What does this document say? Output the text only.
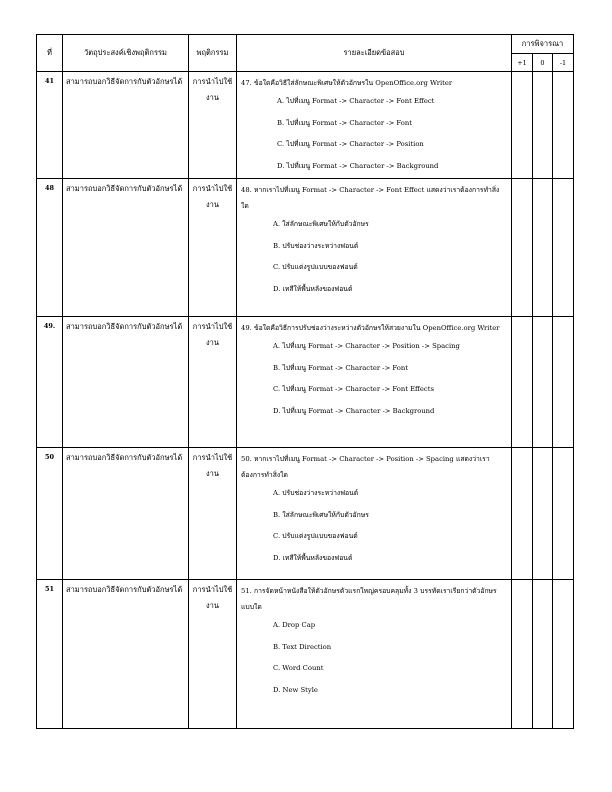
ที่	วัตถุประสงค์เชิงพฤติกรรม	พฤติกรรม	รายละเอียดข้อสอบ	การพิจารณา		
				+1	0	-1
41	สามารถบอกวิธีจัดการกับตัวอักษรได้	การนำไปใช้งาน	47. ข้อใดคือวิธีใส่ลักษณะพิเศษให้ตัวอักษรใน OpenOffice.org Writer
A. ไปที่เมนู Format -> Character -> Font Effect
B. ไปที่เมนู Format -> Character -> Font
C. ไปที่เมนู Format -> Character -> Position
D. ไปที่เมนู Format -> Character -> Background			

48	สามารถบอกวิธีจัดการกับตัวอักษรได้	การนำไปใช้งาน	48. หากเราไปที่เมนู Format -> Character -> Font Effect แสดงว่าเราต้องการทำสิ่งใด
A. ใส่ลักษณะพิเศษให้กับตัวอักษร
B. ปรับช่องว่างระหว่างฟอนต์
C. ปรับแต่งรูปแบบของฟอนต์
D. เทสีให้พื้นหลังของฟอนต์			

49.	สามารถบอกวิธีจัดการกับตัวอักษรได้	การนำไปใช้งาน	49. ข้อใดคือวิธีการปรับช่องว่างระหว่างตัวอักษรให้สวยงามใน OpenOffice.org Writer
A. ไปที่เมนู Format -> Character -> Position -> Spacing
B. ไปที่เมนู Format -> Character -> Font
C. ไปที่เมนู Format -> Character -> Font Effects
D. ไปที่เมนู Format -> Character -> Background			

50	สามารถบอกวิธีจัดการกับตัวอักษรได้	การนำไปใช้งาน	50. หากเราไปที่เมนู Format -> Character -> Position -> Spacing แสดงว่าเราต้องการทำสิ่งใด
A. ปรับช่องว่างระหว่างฟอนต์
B. ใส่ลักษณะพิเศษให้กับตัวอักษร
C. ปรับแต่งรูปแบบของฟอนต์
D. เทสีให้พื้นหลังของฟอนต์			

51	สามารถบอกวิธีจัดการกับตัวอักษรได้	การนำไปใช้งาน	51. การจัดหน้าหนังสือให้ตัวอักษรตัวแรกใหญ่ครอบคลุมทั้ง 3 บรรทัดเราเรียกว่าตัวอักษรแบบใด
A. Drop Cap
B. Text Direction
C. Word Count
D. New Style			
